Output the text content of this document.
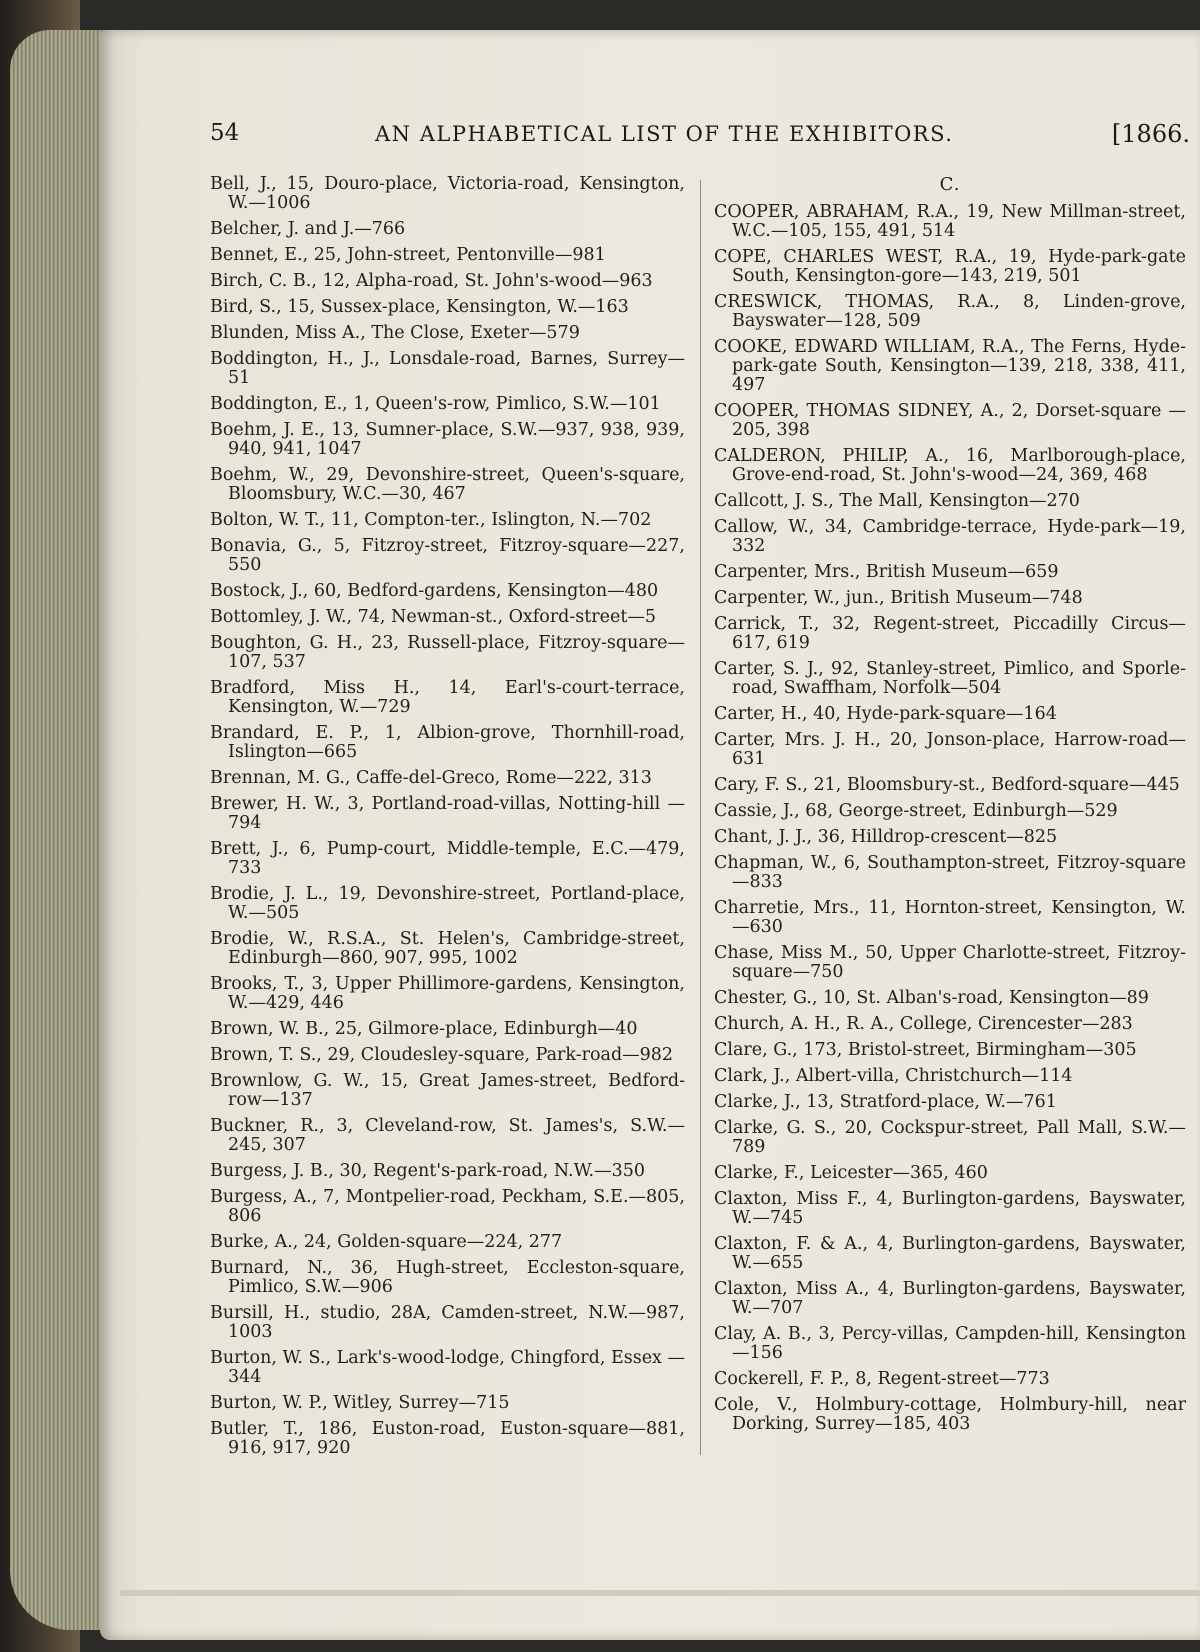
54	AN ALPHABETICAL LIST OF THE EXHIBITORS.	[1866.
Bell, J., 15, Douro-place, Victoria-road, Kensington, W.—1006
Belcher, J. and J.—766
Bennet, E., 25, John-street, Pentonville—981
Birch, C. B., 12, Alpha-road, St. John's-wood—963
Bird, S., 15, Sussex-place, Kensington, W.—163
Blunden, Miss A., The Close, Exeter—579
Boddington, H., J., Lonsdale-road, Barnes, Surrey—51
Boddington, E., 1, Queen's-row, Pimlico, S.W.—101
Boehm, J. E., 13, Sumner-place, S.W.—937, 938, 939, 940, 941, 1047
Boehm, W., 29, Devonshire-street, Queen's-square, Bloomsbury, W.C.—30, 467
Bolton, W. T., 11, Compton-ter., Islington, N.—702
Bonavia, G., 5, Fitzroy-street, Fitzroy-square—227, 550
Bostock, J., 60, Bedford-gardens, Kensington—480
Bottomley, J. W., 74, Newman-st., Oxford-street—5
Boughton, G. H., 23, Russell-place, Fitzroy-square—107, 537
Bradford, Miss H., 14, Earl's-court-terrace, Kensington, W.—729
Brandard, E. P., 1, Albion-grove, Thornhill-road, Islington—665
Brennan, M. G., Caffe-del-Greco, Rome—222, 313
Brewer, H. W., 3, Portland-road-villas, Notting-hill —794
Brett, J., 6, Pump-court, Middle-temple, E.C.—479, 733
Brodie, J. L., 19, Devonshire-street, Portland-place, W.—505
Brodie, W., R.S.A., St. Helen's, Cambridge-street, Edinburgh—860, 907, 995, 1002
Brooks, T., 3, Upper Phillimore-gardens, Kensington, W.—429, 446
Brown, W. B., 25, Gilmore-place, Edinburgh—40
Brown, T. S., 29, Cloudesley-square, Park-road—982
Brownlow, G. W., 15, Great James-street, Bedford-row—137
Buckner, R., 3, Cleveland-row, St. James's, S.W.—245, 307
Burgess, J. B., 30, Regent's-park-road, N.W.—350
Burgess, A., 7, Montpelier-road, Peckham, S.E.—805, 806
Burke, A., 24, Golden-square—224, 277
Burnard, N., 36, Hugh-street, Eccleston-square, Pimlico, S.W.—906
Bursill, H., studio, 28A, Camden-street, N.W.—987, 1003
Burton, W. S., Lark's-wood-lodge, Chingford, Essex —344
Burton, W. P., Witley, Surrey—715
Butler, T., 186, Euston-road, Euston-square—881, 916, 917, 920
C.
COOPER, ABRAHAM, R.A., 19, New Millman-street, W.C.—105, 155, 491, 514
COPE, CHARLES WEST, R.A., 19, Hyde-park-gate South, Kensington-gore—143, 219, 501
CRESWICK, THOMAS, R.A., 8, Linden-grove, Bayswater—128, 509
COOKE, EDWARD WILLIAM, R.A., The Ferns, Hyde-park-gate South, Kensington—139, 218, 338, 411, 497
COOPER, THOMAS SIDNEY, A., 2, Dorset-square —205, 398
CALDERON, PHILIP, A., 16, Marlborough-place, Grove-end-road, St. John's-wood—24, 369, 468
Callcott, J. S., The Mall, Kensington—270
Callow, W., 34, Cambridge-terrace, Hyde-park—19, 332
Carpenter, Mrs., British Museum—659
Carpenter, W., jun., British Museum—748
Carrick, T., 32, Regent-street, Piccadilly Circus—617, 619
Carter, S. J., 92, Stanley-street, Pimlico, and Sporle-road, Swaffham, Norfolk—504
Carter, H., 40, Hyde-park-square—164
Carter, Mrs. J. H., 20, Jonson-place, Harrow-road—631
Cary, F. S., 21, Bloomsbury-st., Bedford-square—445
Cassie, J., 68, George-street, Edinburgh—529
Chant, J. J., 36, Hilldrop-crescent—825
Chapman, W., 6, Southampton-street, Fitzroy-square —833
Charretie, Mrs., 11, Hornton-street, Kensington, W.—630
Chase, Miss M., 50, Upper Charlotte-street, Fitzroy-square—750
Chester, G., 10, St. Alban's-road, Kensington—89
Church, A. H., R. A., College, Cirencester—283
Clare, G., 173, Bristol-street, Birmingham—305
Clark, J., Albert-villa, Christchurch—114
Clarke, J., 13, Stratford-place, W.—761
Clarke, G. S., 20, Cockspur-street, Pall Mall, S.W.—789
Clarke, F., Leicester—365, 460
Claxton, Miss F., 4, Burlington-gardens, Bayswater, W.—745
Claxton, F. & A., 4, Burlington-gardens, Bayswater, W.—655
Claxton, Miss A., 4, Burlington-gardens, Bayswater, W.—707
Clay, A. B., 3, Percy-villas, Campden-hill, Kensington —156
Cockerell, F. P., 8, Regent-street—773
Cole, V., Holmbury-cottage, Holmbury-hill, near Dorking, Surrey—185, 403
